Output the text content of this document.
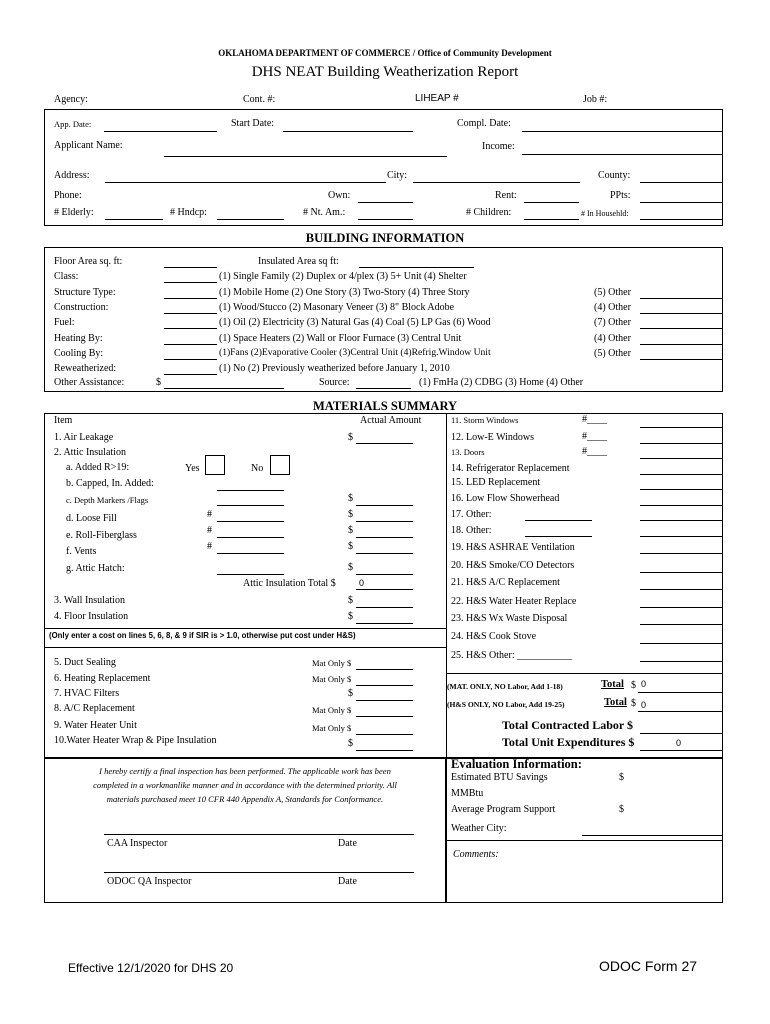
OKLAHOMA DEPARTMENT OF COMMERCE / Office of Community Development
DHS NEAT Building Weatherization Report
Agency:	Cont. #:	LIHEAP #	Job #:
App. Date:	Start Date:	Compl. Date:
Applicant Name:	Income:
Address:	City:	County:
Phone:	Own:	Rent:	PPts:
# Elderly:	# Hndcp:	# Nt. Am.:	# Children:	# In Househld:
BUILDING INFORMATION
Floor Area sq. ft:	Insulated Area sq ft:
Class:	(1) Single Family (2) Duplex or 4/plex (3) 5+ Unit (4) Shelter
Structure Type:	(1) Mobile Home (2) One Story (3) Two-Story (4) Three Story	(5) Other
Construction:	(1) Wood/Stucco (2) Masonary Veneer (3) 8" Block Adobe	(4) Other
Fuel:	(1) Oil (2) Electricity (3) Natural Gas (4) Coal (5) LP Gas (6) Wood	(7) Other
Heating By:	(1) Space Heaters (2) Wall or Floor Furnace (3) Central Unit	(4) Other
Cooling By:	(1)Fans (2)Evaporative Cooler (3)Central Unit (4)Refrig.Window Unit	(5) Other
Reweatherized:	(1) No (2) Previously weatherized before January 1, 2010
Other Assistance:	$	Source:	(1) FmHa (2) CDBG (3) Home (4) Other
MATERIALS SUMMARY
Item	Actual Amount
1. Air Leakage	$
2. Attic Insulation
a. Added R>19:	Yes	No
b. Capped, In. Added:
c. Depth Markers /Flags	$
d. Loose Fill	#	$
e. Roll-Fiberglass	#	$
f. Vents	#	$
g. Attic Hatch:	$
Attic Insulation Total $	0
3. Wall Insulation	$
4. Floor Insulation	$
(Only enter a cost on lines 5, 6, 8, & 9 if SIR is > 1.0, otherwise put cost under H&S)
5. Duct Sealing	Mat Only $
6. Heating Replacement	Mat Only $
7. HVAC Filters	$
8. A/C Replacement	Mat Only $
9. Water Heater Unit	Mat Only $
10.Water Heater Wrap & Pipe Insulation	$
11. Storm Windows	#____
12. Low-E Windows	#____
13. Doors	#____
14. Refrigerator Replacement
15. LED Replacement
16. Low Flow Showerhead
17. Other:
18. Other:
19. H&S ASHRAE Ventilation
20. H&S Smoke/CO Detectors
21. H&S A/C Replacement
22. H&S Water Heater Replace
23. H&S Wx Waste Disposal
24. H&S Cook Stove
25. H&S Other: ___________
(MAT. ONLY, NO Labor, Add 1-18)	Total $ 0
(H&S ONLY, NO Labor, Add 19-25)	Total $ 0
Total Contracted Labor $
Total Unit Expenditures $	0
I hereby certify a final inspection has been performed. The applicable work has been
completed in a workmanlike manner and in accordance with the determined priority. All
materials purchased meet 10 CFR 440 Appendix A, Standards for Conformance.
CAA Inspector	Date
ODOC QA Inspector	Date
Evaluation Information:
Estimated BTU Savings	$
MMBtu
Average Program Support	$
Weather City:
Comments:
Effective 12/1/2020 for DHS 20	ODOC Form 27
